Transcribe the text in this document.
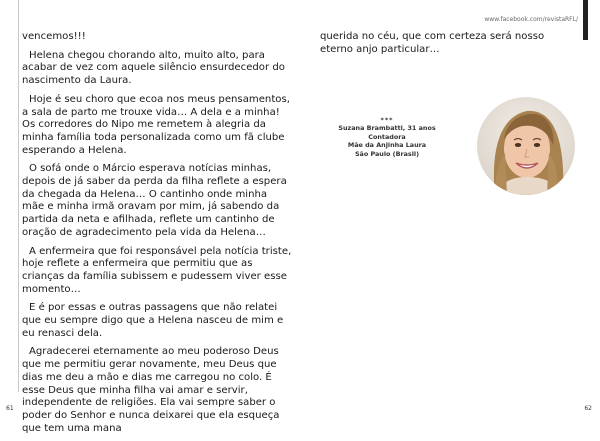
vencemos!!!

Helena chegou chorando alto, muito alto, para acabar de vez com aquele silêncio ensurdecedor do nascimento da Laura.

Hoje é seu choro que ecoa nos meus pensamentos, a sala de parto me trouxe vida… A dela e a minha! Os corredores do Nipo me remetem à alegria da minha família toda personalizada como um fã clube esperando a Helena.

O sofá onde o Márcio esperava notícias minhas, depois de já saber da perda da filha reflete a espera da chegada da Helena… O cantinho onde minha mãe e minha irmã oravam por mim, já sabendo da partida da neta e afilhada, reflete um cantinho de oração de agradecimento pela vida da Helena…

A enfermeira que foi responsável pela notícia triste, hoje reflete a enfermeira que permitiu que as crianças da família subissem e pudessem viver esse momento…

E é por essas e outras passagens que não relatei que eu sempre digo que a Helena nasceu de mim e eu renasci dela.

Agradecerei eternamente ao meu poderoso Deus que me permitiu gerar novamente, meu Deus que dias me deu a mão e dias me carregou no colo. É esse Deus que minha filha vai amar e servir, independente de religiões. Ela vai sempre saber o poder do Senhor e nunca deixarei que ela esqueça que tem uma mana

61
www.facebook.com/revistaRFL/
querida no céu, que com certeza será nosso eterno anjo particular…
***
Suzana Brambatti, 31 anos
Contadora
Mãe da Anjinha Laura
São Paulo (Brasil)
62
